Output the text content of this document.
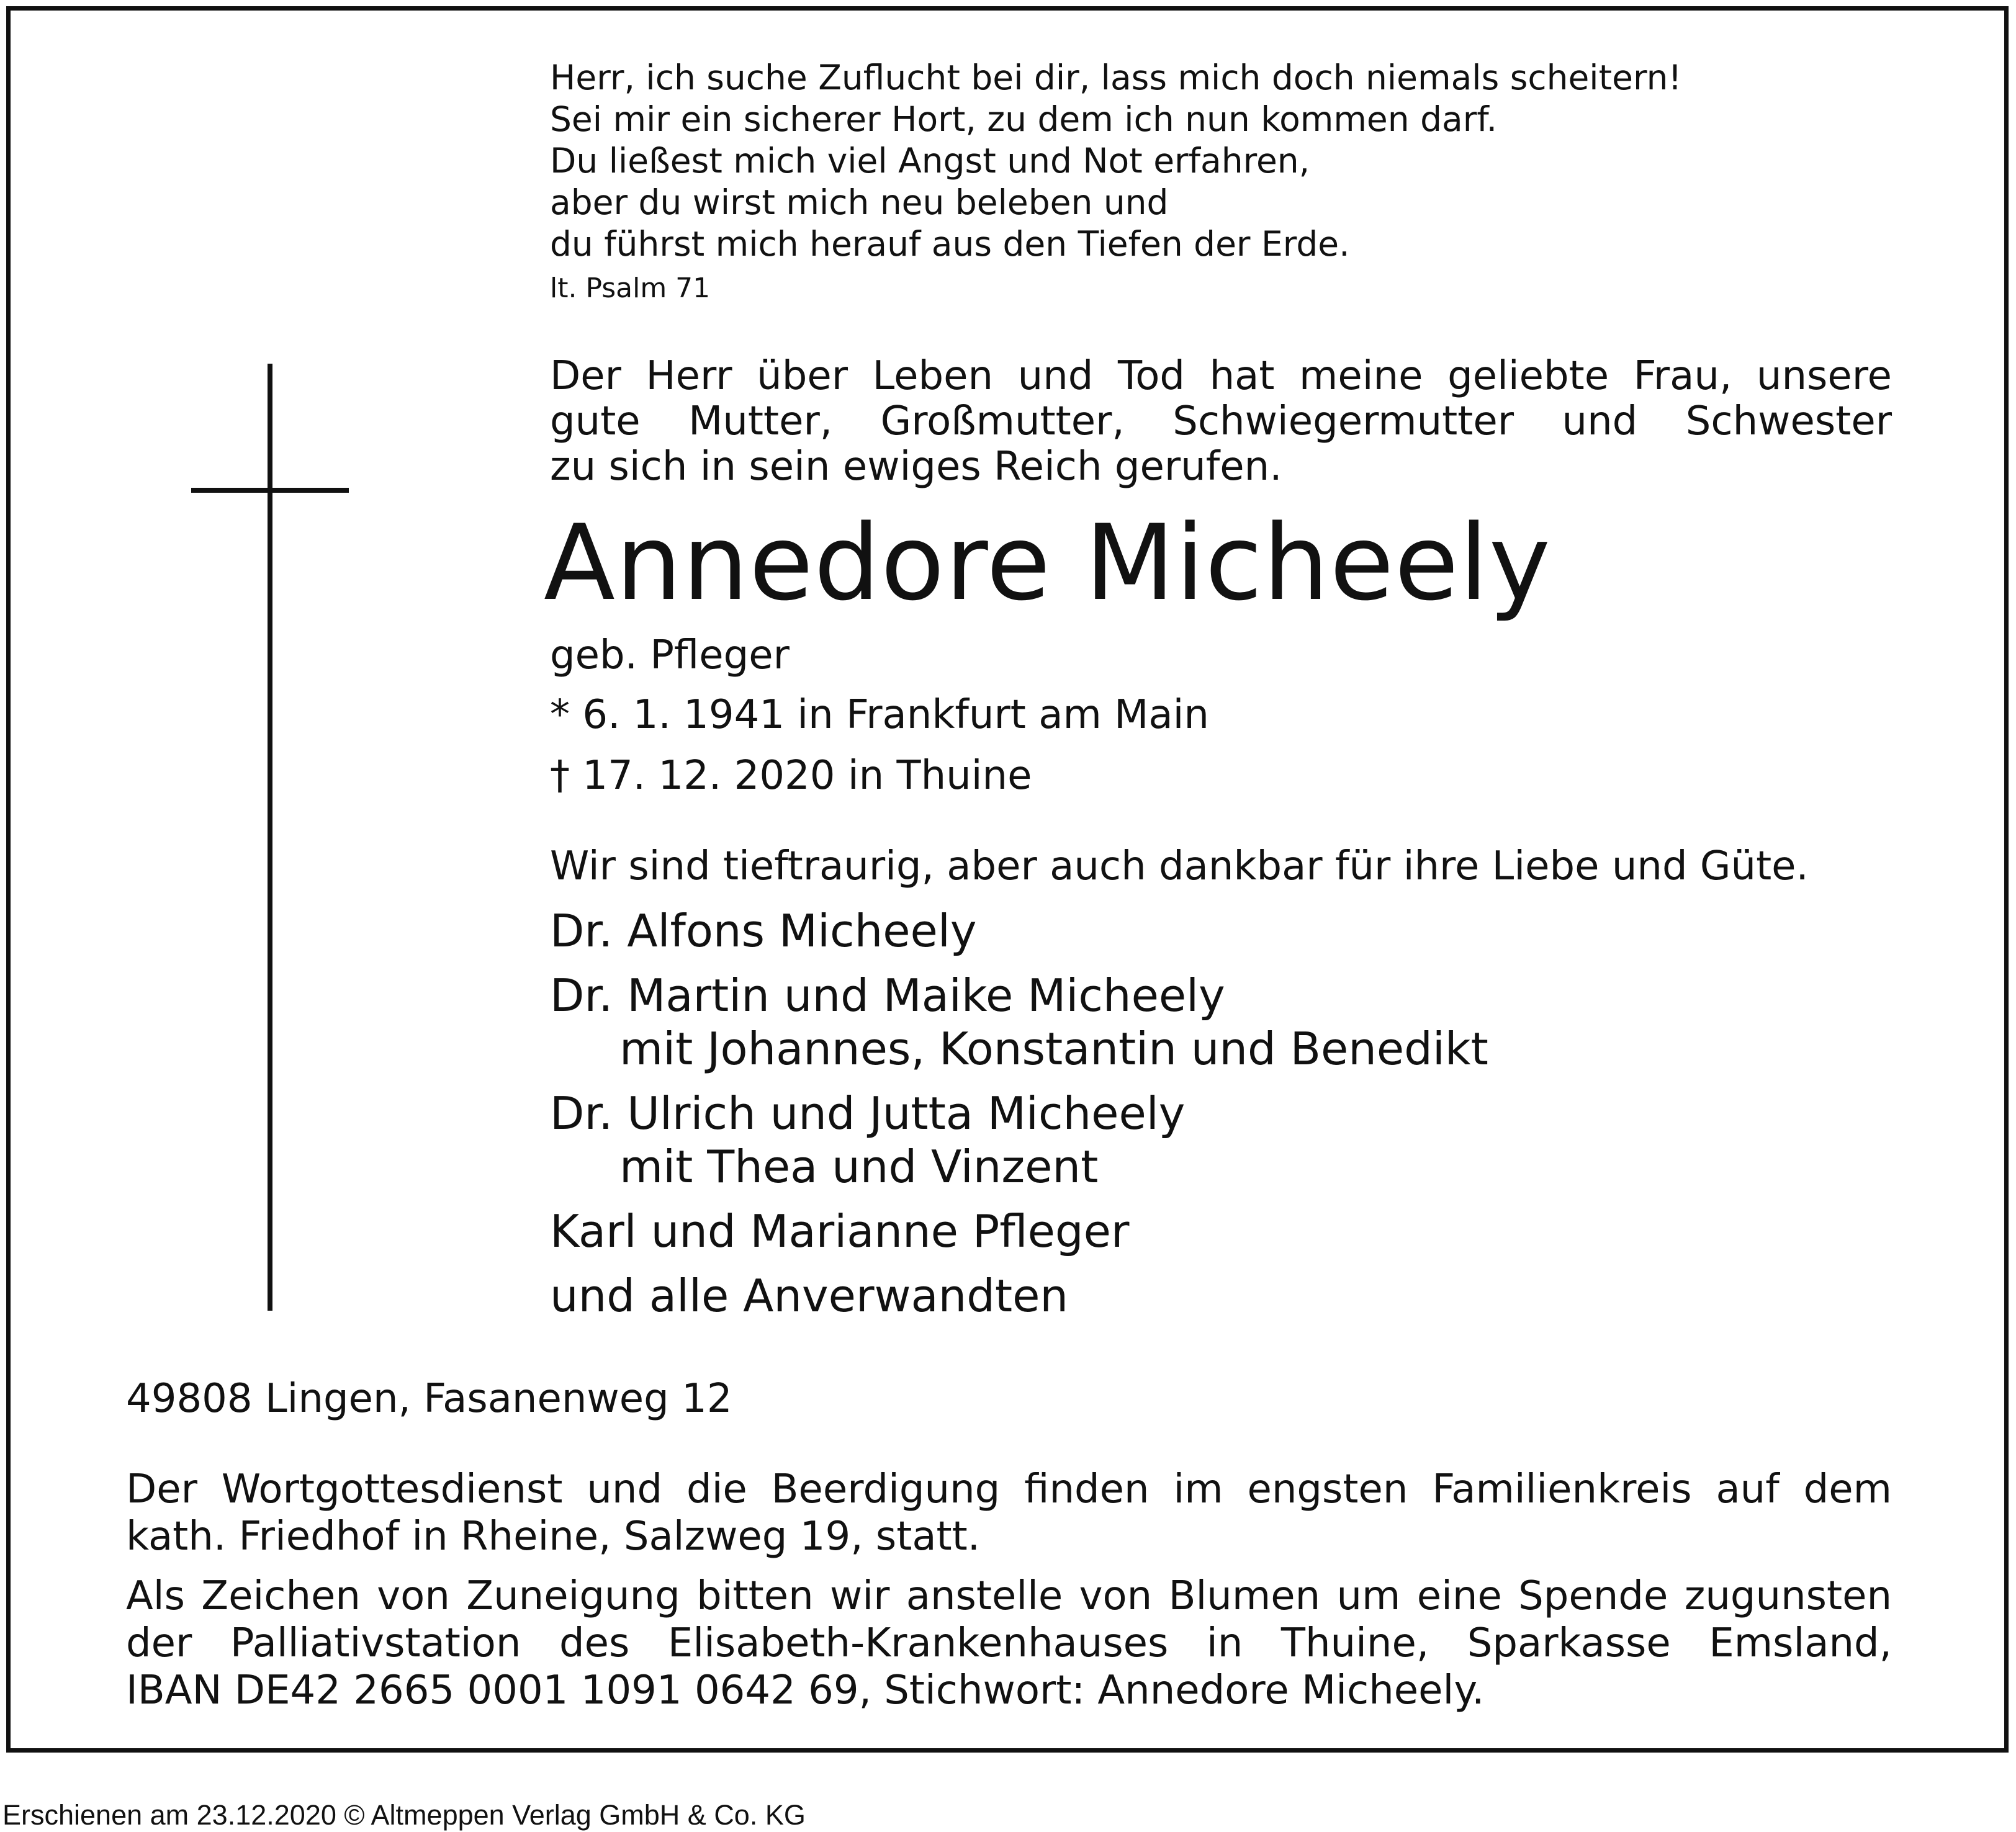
Herr, ich suche Zuflucht bei dir, lass mich doch niemals scheitern!
Sei mir ein sicherer Hort, zu dem ich nun kommen darf.
Du ließest mich viel Angst und Not erfahren,
aber du wirst mich neu beleben und
du führst mich herauf aus den Tiefen der Erde.
lt. Psalm 71
Der Herr über Leben und Tod hat meine geliebte Frau, unsere
gute Mutter, Großmutter, Schwiegermutter und Schwester
zu sich in sein ewiges Reich gerufen.
Annedore Micheely
geb. Pfleger
* 6. 1. 1941 in Frankfurt am Main
† 17. 12. 2020 in Thuine
Wir sind tieftraurig, aber auch dankbar für ihre Liebe und Güte.
Dr. Alfons Micheely
Dr. Martin und Maike Micheely
mit Johannes, Konstantin und Benedikt
Dr. Ulrich und Jutta Micheely
mit Thea und Vinzent
Karl und Marianne Pfleger
und alle Anverwandten
49808 Lingen, Fasanenweg 12
Der Wortgottesdienst und die Beerdigung finden im engsten Familienkreis auf dem
kath. Friedhof in Rheine, Salzweg 19, statt.
Als Zeichen von Zuneigung bitten wir anstelle von Blumen um eine Spende zugunsten
der Palliativstation des Elisabeth-Krankenhauses in Thuine, Sparkasse Emsland,
IBAN DE42 2665 0001 1091 0642 69, Stichwort: Annedore Micheely.
Erschienen am 23.12.2020 © Altmeppen Verlag GmbH & Co. KG
